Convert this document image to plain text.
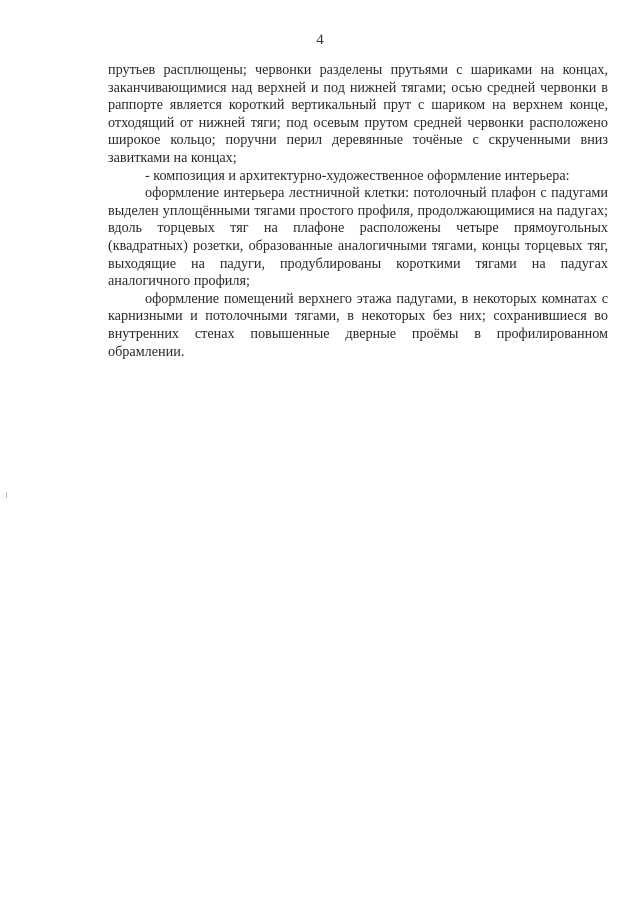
4

прутьев расплющены; червонки разделены прутьями с шариками на концах, заканчивающимися над верхней и под нижней тягами; осью средней червонки в раппорте является короткий вертикальный прут с шариком на верхнем конце, отходящий от нижней тяги; под осевым прутом средней червонки расположено широкое кольцо; поручни перил деревянные точёные с скрученными вниз завитками на концах;

- композиция и архитектурно-художественное оформление интерьера:

оформление интерьера лестничной клетки: потолочный плафон с падугами выделен уплощёнными тягами простого профиля, продолжающимися на падугах; вдоль торцевых тяг на плафоне расположены четыре прямоугольных (квадратных) розетки, образованные аналогичными тягами, концы торцевых тяг, выходящие на падуги, продублированы короткими тягами на падугах аналогичного профиля;

оформление помещений верхнего этажа падугами, в некоторых комнатах с карнизными и потолочными тягами, в некоторых без них; сохранившиеся во внутренних стенах повышенные дверные проёмы в профилированном обрамлении.
